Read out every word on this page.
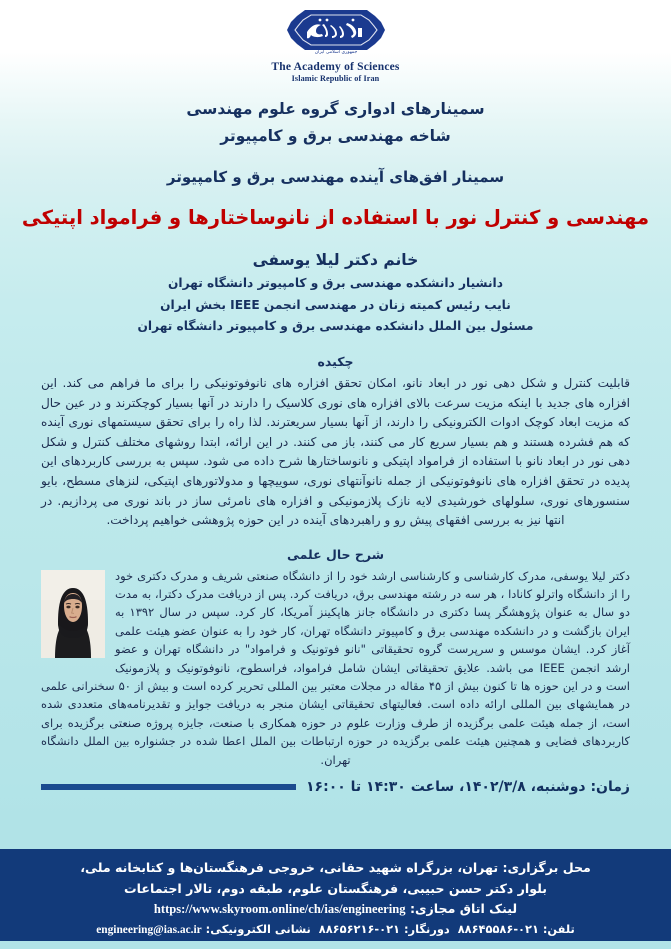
جمهوری اسلامی ایران
The Academy of Sciences
Islamic Republic of Iran
سمینارهای ادواری گروه علوم مهندسی
شاخه مهندسی برق و کامپیوتر
سمینار افق‌های آینده مهندسی برق و کامپیوتر
مهندسی و کنترل نور با استفاده از نانوساختارها و فرامواد اپتیکی
خانم دکتر لیلا یوسفی
دانشیار دانشکده مهندسی برق و کامپیوتر دانشگاه تهران
نایب رئیس کمیته زنان در مهندسی انجمن IEEE بخش ایران
مسئول بین الملل دانشکده مهندسی برق و کامپیوتر دانشگاه تهران
چکیده
قابلیت کنترل و شکل دهی نور در ابعاد نانو، امکان تحقق افزاره های نانوفوتونیکی را برای ما فراهم می کند. این افزاره های جدید با اینکه مزیت سرعت بالای افزاره های نوری کلاسیک را دارند در آنها بسیار کوچکترند و در عین حال که مزیت ابعاد کوچک ادوات الکترونیکی را دارند، از آنها بسیار سریعترند. لذا راه را برای تحقق سیستمهای نوری آینده که هم فشرده هستند و هم بسیار سریع کار می کنند، باز می کنند. در این ارائه، ابتدا روشهای مختلف کنترل و شکل دهی نور در ابعاد نانو با استفاده از فرامواد اپتیکی و نانوساختارها شرح داده می شود. سپس به بررسی کاربردهای این پدیده در تحقق افزاره های نانوفوتونیکی از جمله نانوآنتهای نوری، سوییچها و مدولاتورهای اپتیکی، لنزهای مسطح، بایو سنسورهای نوری، سلولهای خورشیدی لایه نازک پلازمونیکی و افزاره های نامرئی ساز در باند نوری می پردازیم. در انتها نیز به بررسی افقهای پیش رو و راهبردهای آینده در این حوزه پژوهشی خواهیم پرداخت.
شرح حال علمی
دکتر لیلا یوسفی، مدرک کارشناسی و کارشناسی ارشد خود را از دانشگاه صنعتی شریف و مدرک دکتری خود را از دانشگاه واترلو کانادا ، هر سه در رشته مهندسی برق، دریافت کرد. پس از دریافت مدرک دکترا، به مدت دو سال به عنوان پژوهشگر پسا دکتری در دانشگاه جانز هاپکینز آمریکا، کار کرد. سپس در سال ۱۳۹۲ به ایران بازگشت و در دانشکده مهندسی برق و کامپیوتر دانشگاه تهران، کار خود را به عنوان عضو هیئت علمی آغاز کرد. ایشان موسس و سرپرست گروه تحقیقاتی "نانو فوتونیک و فرامواد" در دانشگاه تهران و عضو ارشد انجمن IEEE می باشد. علایق تحقیقاتی ایشان شامل فرامواد، فراسطوح، نانوفوتونیک و پلازمونیک است و در این حوزه ها تا کنون بیش از ۴۵ مقاله در مجلات معتبر بین المللی تحریر کرده است و بیش از ۵۰ سخنرانی علمی در همایشهای بین المللی ارائه داده است. فعالیتهای تحقیقاتی ایشان منجر به دریافت جوایز و تقدیرنامه‌های متعددی شده است، از جمله هیئت علمی برگزیده از طرف وزارت علوم در حوزه همکاری با صنعت، جایزه پروژه صنعتی برگزیده برای کاربردهای فضایی و همچنین هیئت علمی برگزیده در حوزه ارتباطات بین الملل اعطا شده در جشنواره بین الملل دانشگاه تهران.
زمان: دوشنبه، ۱۴۰۲/۳/۸، ساعت ۱۴:۳۰ تا ۱۶:۰۰
محل برگزاری: تهران، بزرگراه شهید حقانی، خروجی فرهنگستان‌ها و کتابخانه ملی،
بلوار دکتر حسن حبیبی، فرهنگستان علوم، طبقه دوم، تالار اجتماعات
لینک اتاق مجازی: https://www.skyroom.online/ch/ias/engineering
تلفن: ۰۲۱-۸۸۶۴۵۵۸۶  دورنگار: ۰۲۱-۸۸۶۵۶۲۱۶  نشانی الکترونیکی: engineering@ias.ac.ir
